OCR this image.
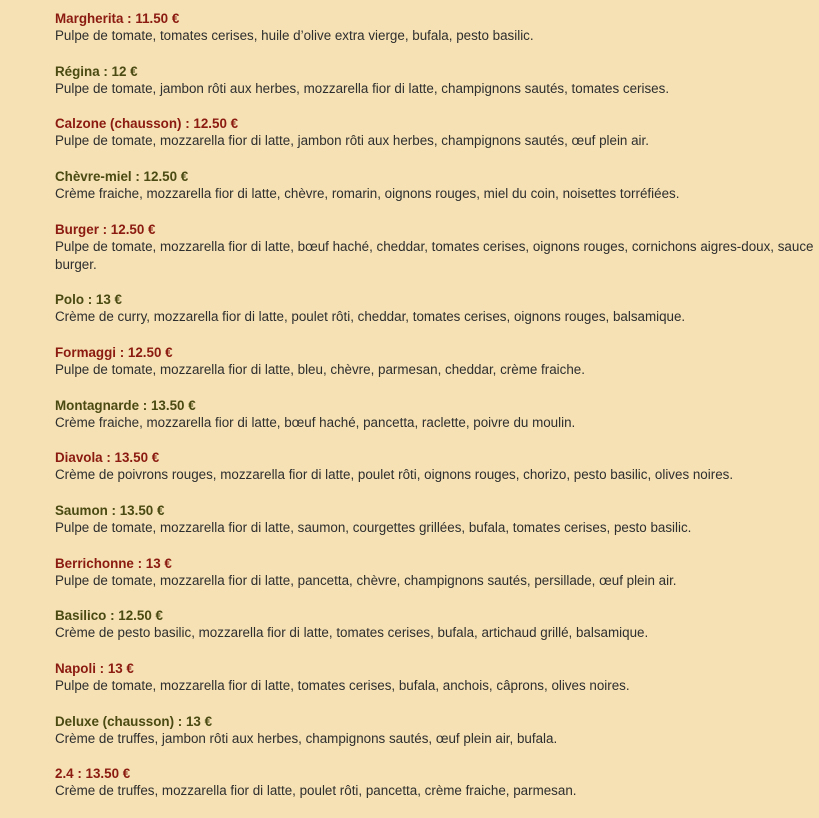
Margherita : 11.50 €

Pulpe de tomate, tomates cerises, huile d’olive extra vierge, bufala, pesto basilic.

Régina : 12 €

Pulpe de tomate, jambon rôti aux herbes, mozzarella fior di latte, champignons sautés, tomates cerises.

Calzone (chausson) : 12.50 €

Pulpe de tomate, mozzarella fior di latte, jambon rôti aux herbes, champignons sautés, œuf plein air.

Chèvre-miel : 12.50 €

Crème fraiche, mozzarella fior di latte, chèvre, romarin, oignons rouges, miel du coin, noisettes torréfiées.

Burger : 12.50 €

Pulpe de tomate, mozzarella fior di latte, bœuf haché, cheddar, tomates cerises, oignons rouges, cornichons aigres-doux, sauce burger.

Polo : 13 €

Crème de curry, mozzarella fior di latte, poulet rôti, cheddar, tomates cerises, oignons rouges, balsamique.

Formaggi : 12.50 €

Pulpe de tomate, mozzarella fior di latte, bleu, chèvre, parmesan, cheddar, crème fraiche.

Montagnarde : 13.50 €

Crème fraiche, mozzarella fior di latte, bœuf haché, pancetta, raclette, poivre du moulin.

Diavola : 13.50 €

Crème de poivrons rouges, mozzarella fior di latte, poulet rôti, oignons rouges, chorizo, pesto basilic, olives noires.

Saumon : 13.50 €

Pulpe de tomate, mozzarella fior di latte, saumon, courgettes grillées, bufala, tomates cerises, pesto basilic.

Berrichonne : 13 €

Pulpe de tomate, mozzarella fior di latte, pancetta, chèvre, champignons sautés, persillade, œuf plein air.

Basilico : 12.50 €

Crème de pesto basilic, mozzarella fior di latte, tomates cerises, bufala, artichaud grillé, balsamique.

Napoli : 13 €

Pulpe de tomate, mozzarella fior di latte, tomates cerises, bufala, anchois, câprons, olives noires.

Deluxe (chausson) : 13 €

Crème de truffes, jambon rôti aux herbes, champignons sautés, œuf plein air, bufala.

2.4 : 13.50 €

Crème de truffes, mozzarella fior di latte, poulet rôti, pancetta, crème fraiche, parmesan.
